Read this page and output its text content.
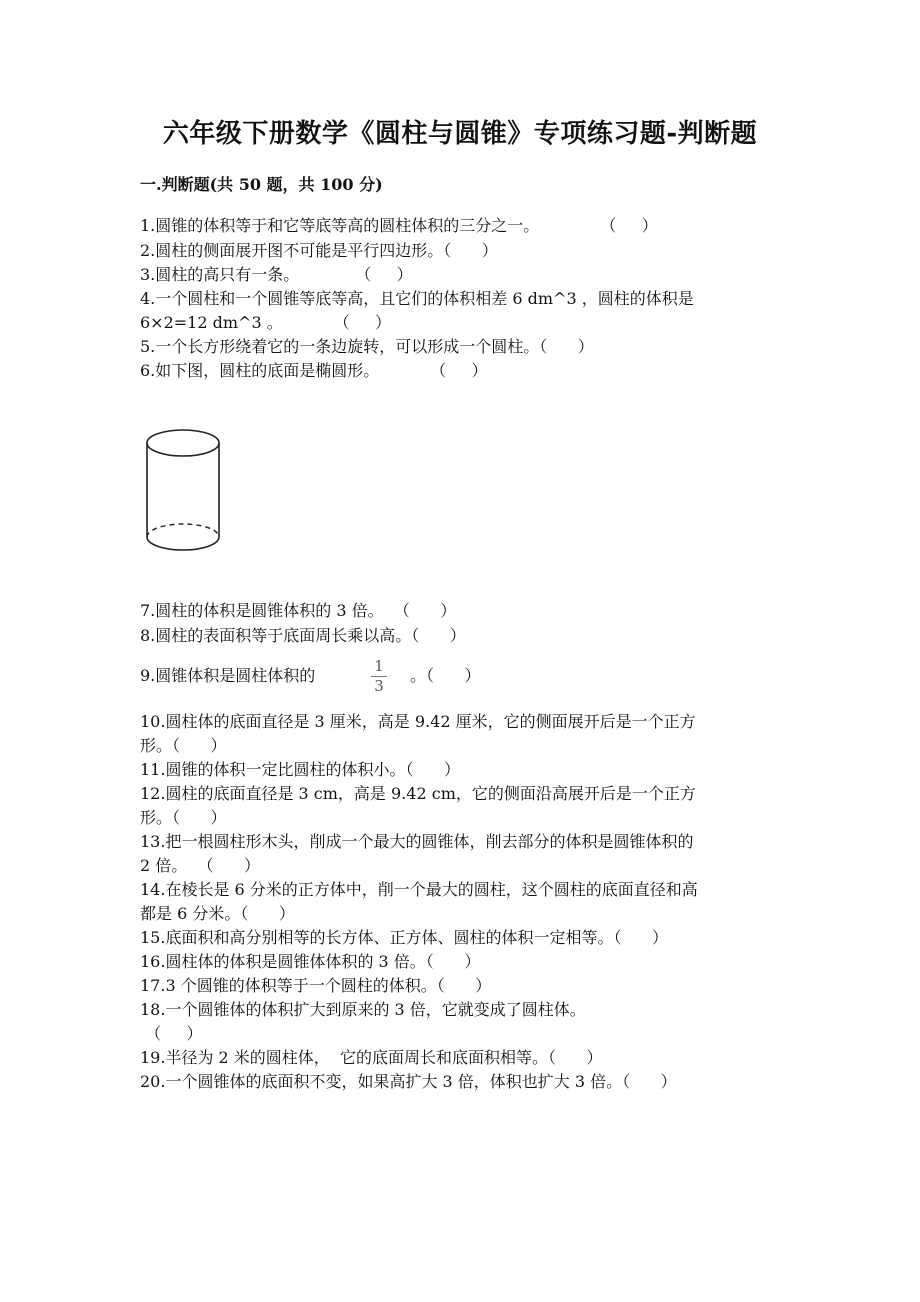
六年级下册数学《圆柱与圆锥》专项练习题-判断题
一.判断题(共 50 题，共 100 分)
1.圆锥的体积等于和它等底等高的圆柱体积的三分之一。            （     ）
2.圆柱的侧面展开图不可能是平行四边形。（      ）
3.圆柱的高只有一条。           （     ）
4.一个圆柱和一个圆锥等底等高，且它们的体积相差 6 dm^3 ，圆柱的体积是
6×2=12 dm^3 。          （     ）
5.一个长方形绕着它的一条边旋转，可以形成一个圆柱。（      ）
6.如下图，圆柱的底面是椭圆形。          （     ）
7.圆柱的体积是圆锥体积的 3 倍。  （      ）
8.圆柱的表面积等于底面周长乘以高。（      ）
9.圆锥体积是圆柱体积的	1
3
。（      ）
10.圆柱体的底面直径是 3 厘米，高是 9.42 厘米，它的侧面展开后是一个正方
形。（      ）
11.圆锥的体积一定比圆柱的体积小。（      ）
12.圆柱的底面直径是 3 cm，高是 9.42 cm，它的侧面沿高展开后是一个正方
形。（      ）
13.把一根圆柱形木头，削成一个最大的圆锥体，削去部分的体积是圆锥体积的
2 倍。  （      ）
14.在棱长是 6 分米的正方体中，削一个最大的圆柱，这个圆柱的底面直径和高
都是 6 分米。（      ）
15.底面积和高分别相等的长方体、正方体、圆柱的体积一定相等。（      ）
16.圆柱体的体积是圆锥体体积的 3 倍。（      ）
17.3 个圆锥的体积等于一个圆柱的体积。（      ）
18.一个圆锥体的体积扩大到原来的 3 倍，它就变成了圆柱体。
（     ）
19.半径为 2 米的圆柱体，  它的底面周长和底面积相等。（      ）
20.一个圆锥体的底面积不变，如果高扩大 3 倍，体积也扩大 3 倍。（      ）
